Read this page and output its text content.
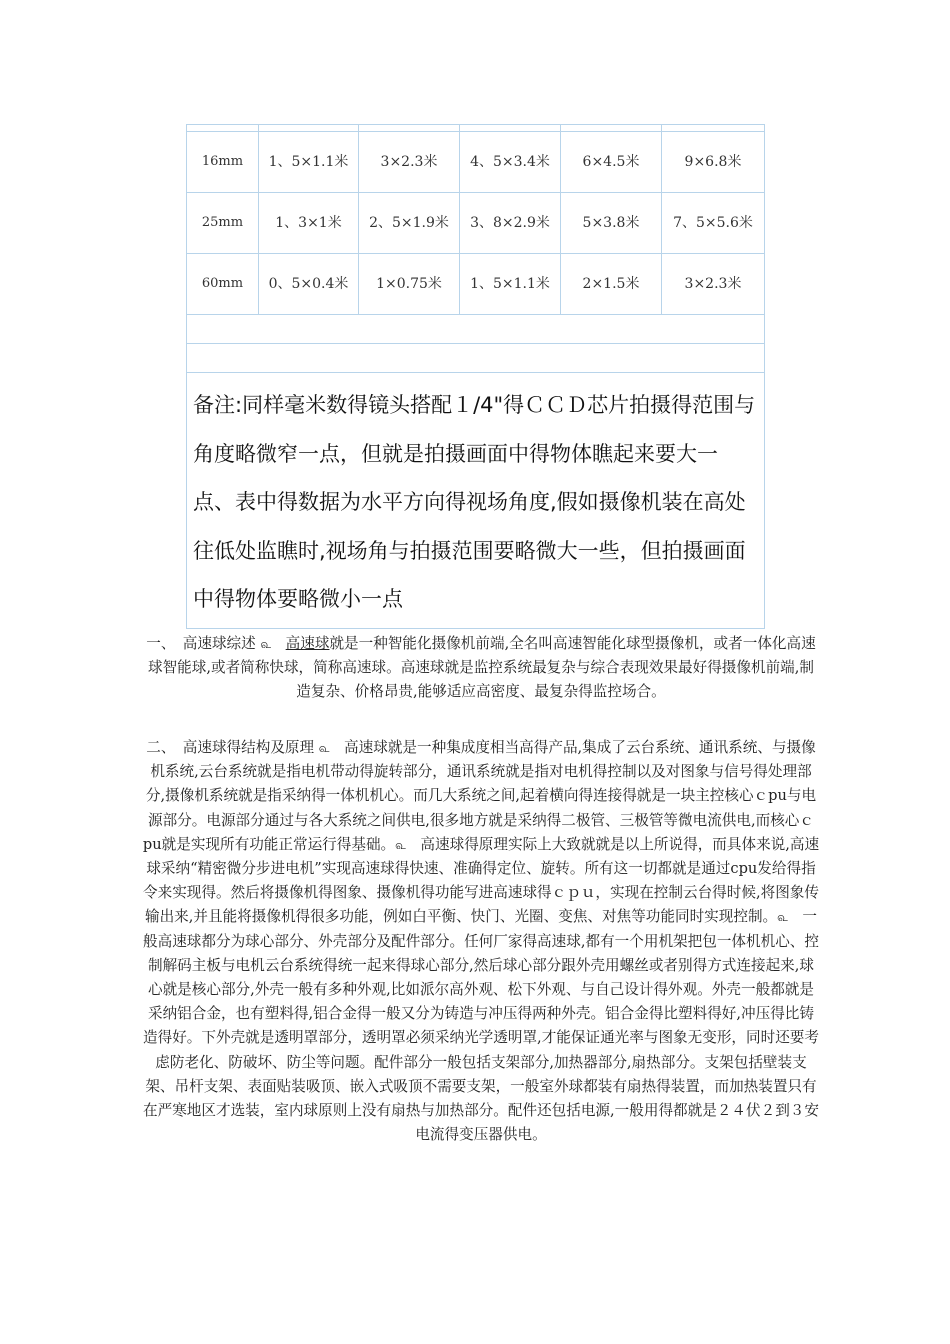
16mm	1、5×1.1米	3×2.3米	4、5×3.4米	6×4.5米	9×6.8米
25mm	1、3×1米	2、5×1.9米	3、8×2.9米	5×3.8米	7、5×5.6米
60mm	0、5×0.4米	1×0.75米	1、5×1.1米	2×1.5米	3×2.3米

备注:同样毫米数得镜头搭配１/4"得ＣＣＤ芯片拍摄得范围与角度略微窄一点，但就是拍摄画面中得物体瞧起来要大一点、表中得数据为水平方向得视场角度,假如摄像机装在高处往低处监瞧时,视场角与拍摄范围要略微大一些，但拍摄画面中得物体要略微小一点					

一、　高速球综述 ௳　 高速球就是一种智能化摄像机前端,全名叫高速智能化球型摄像机，或者一体化高速球智能球,或者简称快球，简称高速球。高速球就是监控系统最复杂与综合表现效果最好得摄像机前端,制造复杂、价格昂贵,能够适应高密度、最复杂得监控场合。

二、　高速球得结构及原理 ௳　高速球就是一种集成度相当高得产品,集成了云台系统、通讯系统、与摄像机系统,云台系统就是指电机带动得旋转部分，通讯系统就是指对电机得控制以及对图象与信号得处理部分,摄像机系统就是指采纳得一体机机心。而几大系统之间,起着横向得连接得就是一块主控核心ｃpu与电源部分。电源部分通过与各大系统之间供电,很多地方就是采纳得二极管、三极管等微电流供电,而核心ｃpu就是实现所有功能正常运行得基础。௳　高速球得原理实际上大致就就是以上所说得，而具体来说,高速球采纳“精密微分步进电机”实现高速球得快速、准确得定位、旋转。所有这一切都就是通过cpu发给得指令来实现得。然后将摄像机得图象、摄像机得功能写进高速球得ｃｐｕ，实现在控制云台得时候,将图象传输出来,并且能将摄像机得很多功能，例如白平衡、快门、光圈、变焦、对焦等功能同时实现控制。௳　一般高速球都分为球心部分、外壳部分及配件部分。任何厂家得高速球,都有一个用机架把包一体机机心、控制解码主板与电机云台系统得统一起来得球心部分,然后球心部分跟外壳用螺丝或者别得方式连接起来,球心就是核心部分,外壳一般有多种外观,比如派尔高外观、松下外观、与自己设计得外观。外壳一般都就是采纳铝合金，也有塑料得,铝合金得一般又分为铸造与冲压得两种外壳。铝合金得比塑料得好,冲压得比铸造得好。下外壳就是透明罩部分，透明罩必须采纳光学透明罩,才能保证通光率与图象无变形，同时还要考虑防老化、防破坏、防尘等问题。配件部分一般包括支架部分,加热器部分,扇热部分。支架包括壁装支架、吊杆支架、表面贴装吸顶、嵌入式吸顶不需要支架，一般室外球都装有扇热得装置，而加热装置只有在严寒地区才选装，室内球原则上没有扇热与加热部分。配件还包括电源,一般用得都就是２４伏２到３安电流得变压器供电。
